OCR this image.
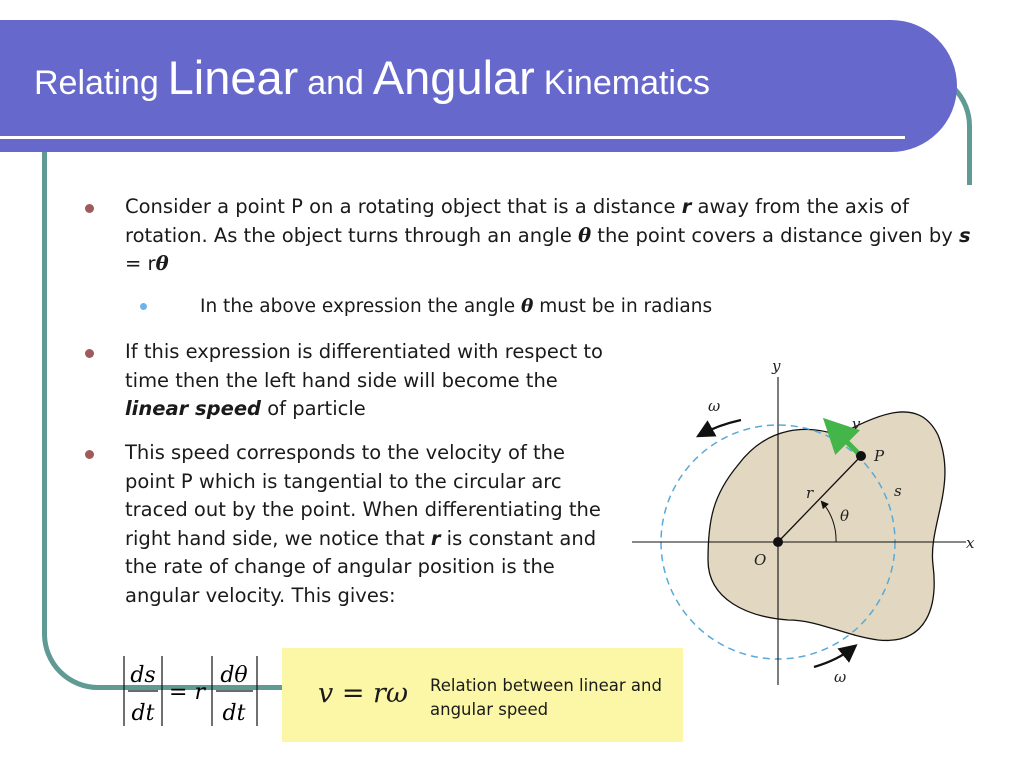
Relating Linear and Angular Kinematics
Consider a point P on a rotating object that is a distance r away from the axis of rotation. As the object turns through an angle θ the point covers a distance given by s = rθ
In the above expression the angle θ must be in radians
If this expression is differentiated with respect to time then the left hand side will become the linear speed of particle
This speed corresponds to the velocity of the point P which is tangential to the circular arc traced out by the point. When differentiating the right hand side, we notice that r is constant and the rate of change of angular position is the angular velocity. This gives:
ds
dt
= r
dθ
dt
v = rω Relation between linear and angular speed
y
x
O
P
r
θ
s
v
ω
ω
